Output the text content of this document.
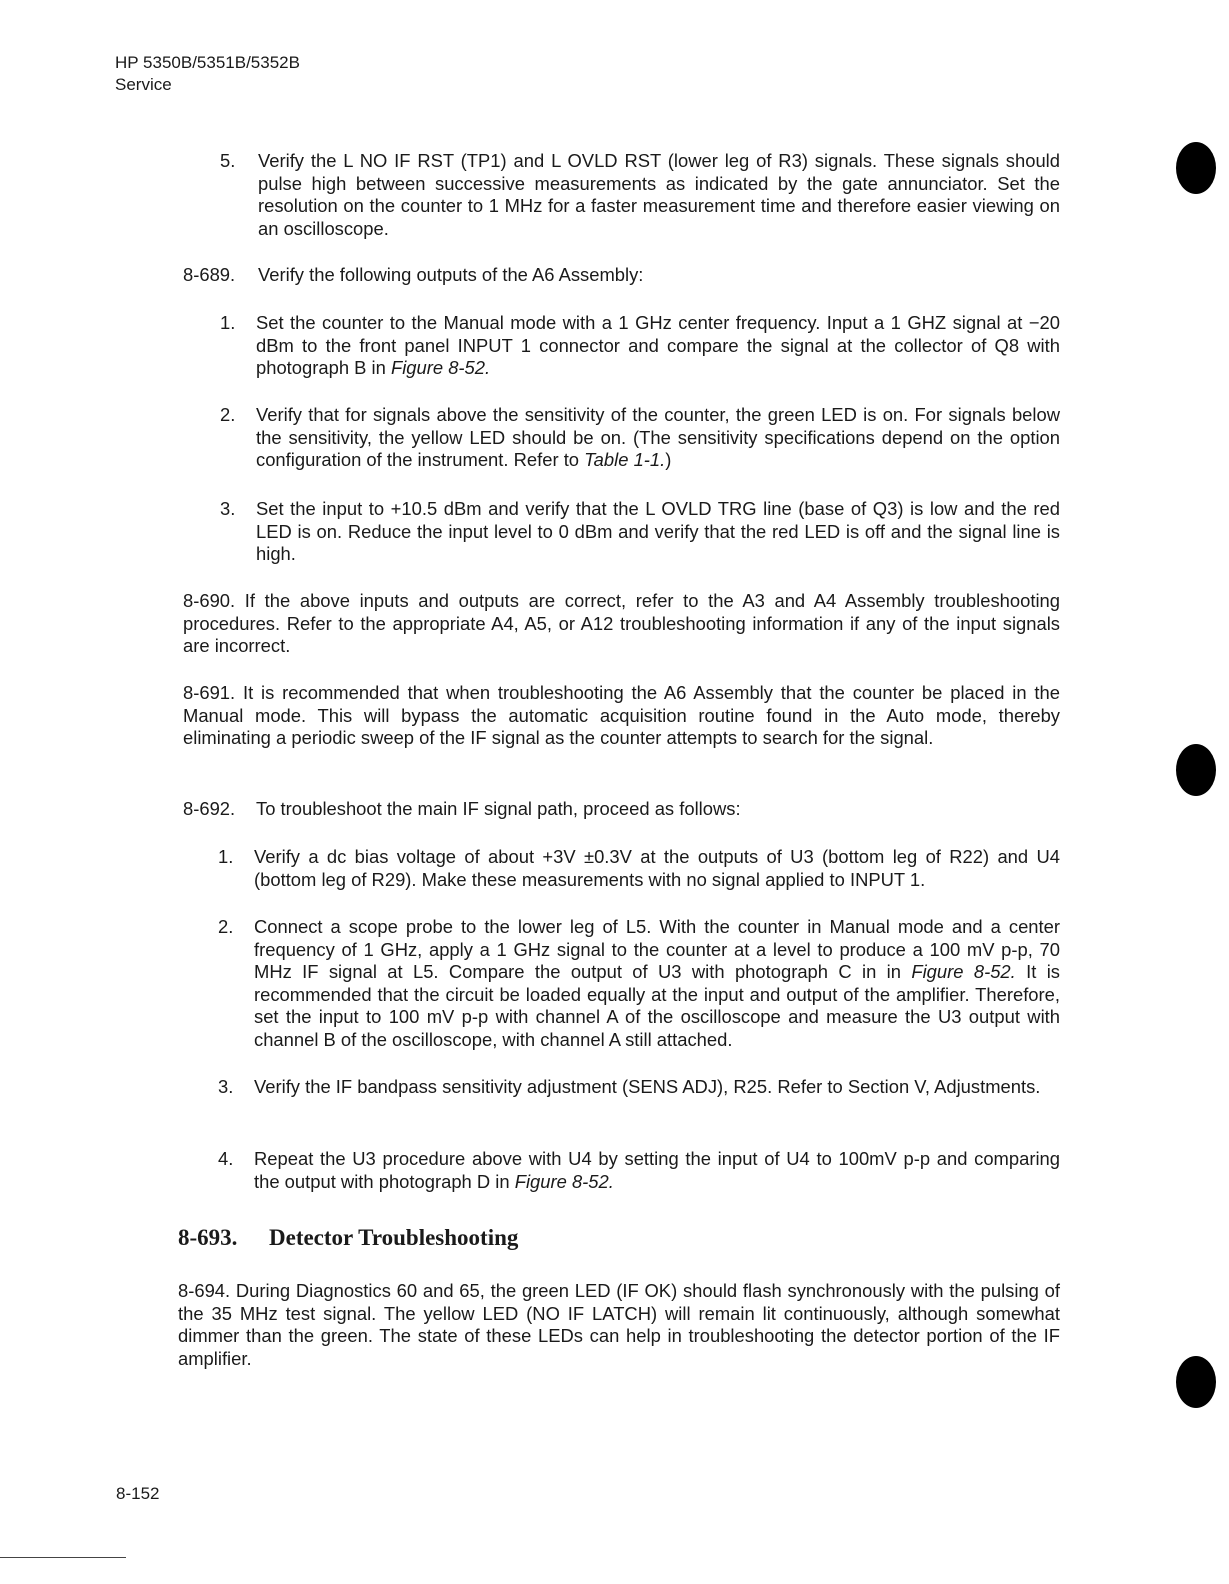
HP 5350B/5351B/5352B
Service
5. Verify the L NO IF RST (TP1) and L OVLD RST (lower leg of R3) signals. These signals should pulse high between successive measurements as indicated by the gate annunciator. Set the resolution on the counter to 1 MHz for a faster measurement time and therefore easier viewing on an oscilloscope.
8-689. Verify the following outputs of the A6 Assembly:
1. Set the counter to the Manual mode with a 1 GHz center frequency. Input a 1 GHZ signal at −20 dBm to the front panel INPUT 1 connector and compare the signal at the collector of Q8 with photograph B in Figure 8-52.
2. Verify that for signals above the sensitivity of the counter, the green LED is on. For signals below the sensitivity, the yellow LED should be on. (The sensitivity specifications depend on the option configuration of the instrument. Refer to Table 1-1.)
3. Set the input to +10.5 dBm and verify that the L OVLD TRG line (base of Q3) is low and the red LED is on. Reduce the input level to 0 dBm and verify that the red LED is off and the signal line is high.
8-690. If the above inputs and outputs are correct, refer to the A3 and A4 Assembly troubleshooting procedures. Refer to the appropriate A4, A5, or A12 troubleshooting information if any of the input signals are incorrect.
8-691. It is recommended that when troubleshooting the A6 Assembly that the counter be placed in the Manual mode. This will bypass the automatic acquisition routine found in the Auto mode, thereby eliminating a periodic sweep of the IF signal as the counter attempts to search for the signal.
8-692. To troubleshoot the main IF signal path, proceed as follows:
1. Verify a dc bias voltage of about +3V ±0.3V at the outputs of U3 (bottom leg of R22) and U4 (bottom leg of R29). Make these measurements with no signal applied to INPUT 1.
2. Connect a scope probe to the lower leg of L5. With the counter in Manual mode and a center frequency of 1 GHz, apply a 1 GHz signal to the counter at a level to produce a 100 mV p-p, 70 MHz IF signal at L5. Compare the output of U3 with photograph C in in Figure 8-52. It is recommended that the circuit be loaded equally at the input and output of the amplifier. Therefore, set the input to 100 mV p-p with channel A of the oscilloscope and measure the U3 output with channel B of the oscilloscope, with channel A still attached.
3. Verify the IF bandpass sensitivity adjustment (SENS ADJ), R25. Refer to Section V, Adjustments.
4. Repeat the U3 procedure above with U4 by setting the input of U4 to 100mV p-p and comparing the output with photograph D in Figure 8-52.
8-693. Detector Troubleshooting
8-694. During Diagnostics 60 and 65, the green LED (IF OK) should flash synchronously with the pulsing of the 35 MHz test signal. The yellow LED (NO IF LATCH) will remain lit continuously, although somewhat dimmer than the green. The state of these LEDs can help in troubleshooting the detector portion of the IF amplifier.
8-152
